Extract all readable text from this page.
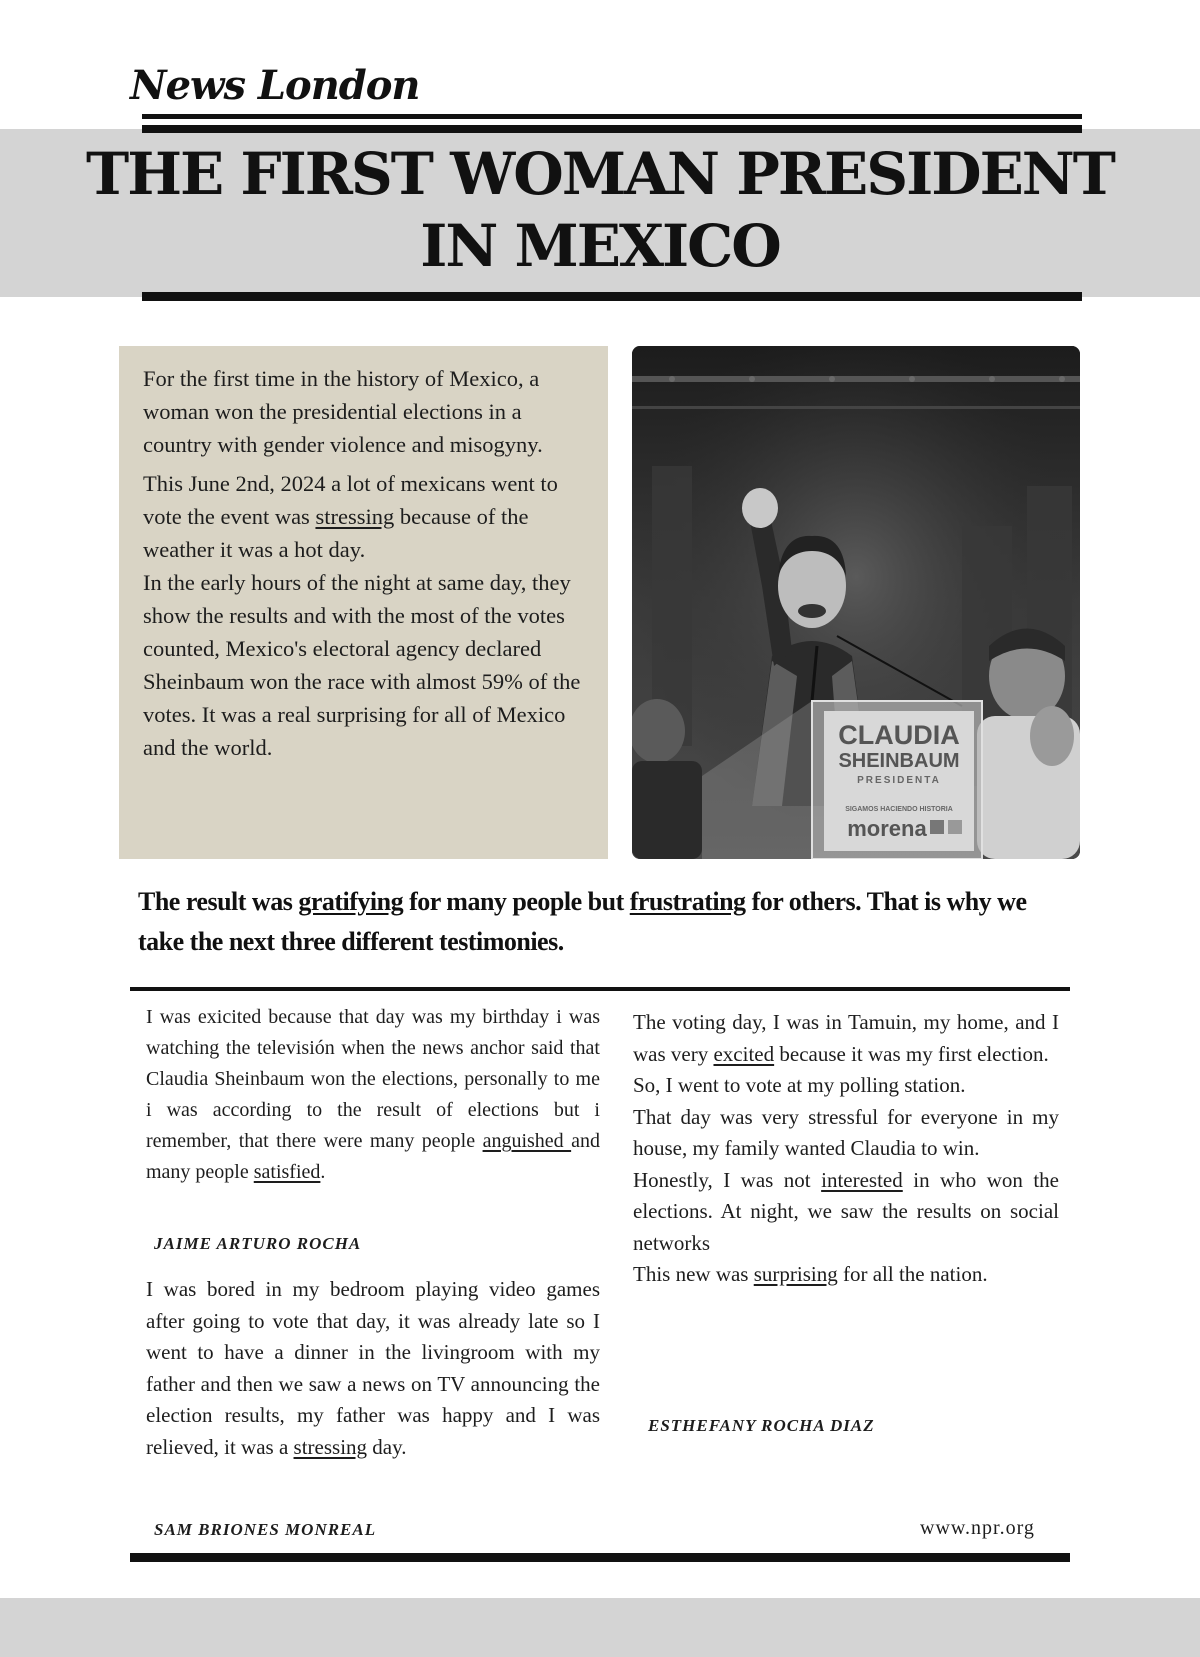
News London
THE FIRST WOMAN PRESIDENT
IN MEXICO

For the first time in the history of Mexico, a woman won the presidential elections in a country with gender violence and misogyny.

This June 2nd, 2024 a lot of mexicans went to vote the event was stressing because of the weather it was a hot day.
In the early hours of the night at same day, they show the results and with the most of the votes counted, Mexico's electoral agency declared Sheinbaum won the race with almost 59% of the votes. It was a real surprising for all of Mexico and the world.	CLAUDIA
SHEINBAUM
PRESIDENTA
SIGAMOS HACIENDO HISTORIA
morena
The result was gratifying for many people but frustrating for others. That is why we take the next three different testimonies.

I was exicited because that day was my birthday i was watching the televisión when the news anchor said that Claudia Sheinbaum won the elections, personally to me i was according to the result of elections but i remember, that there were many people anguished and many people satisfied.

JAIME ARTURO ROCHA

I was bored in my bedroom playing video games after going to vote that day, it was already late so I went to have a dinner in the livingroom with my father and then we saw a news on TV announcing the election results, my father was happy and I was relieved, it was a stressing day.

SAM BRIONES MONREAL

The voting day, I was in Tamuin, my home, and I was very excited because it was my first election.

So, I went to vote at my polling station.

That day was very stressful for everyone in my house, my family wanted Claudia to win.

Honestly, I was not interested in who won the elections. At night, we saw the results on social networks

This new was surprising for all the nation.

ESTHEFANY ROCHA DIAZ
www.npr.org
